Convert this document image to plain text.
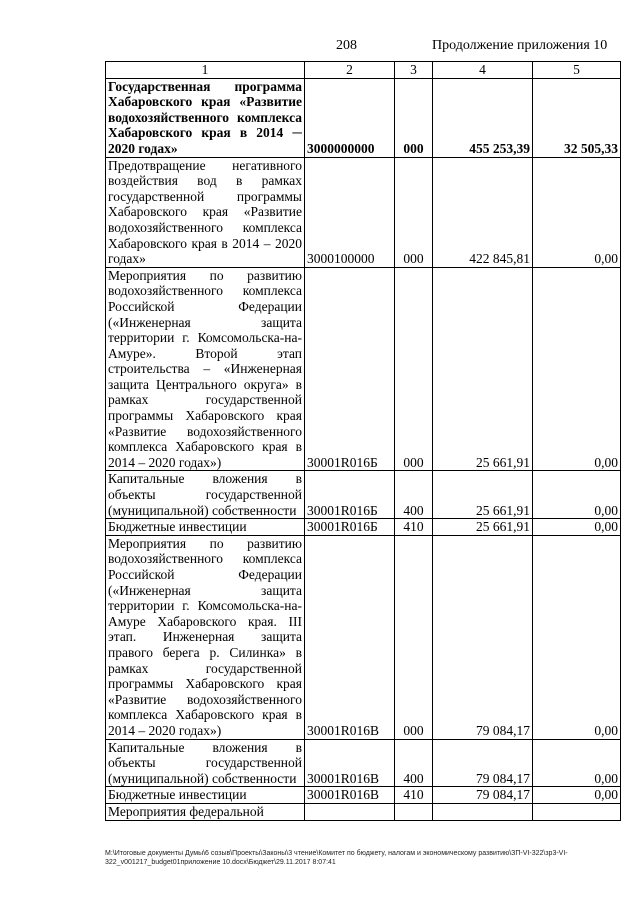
208	Продолжение приложения 10
1	2	3	4	5
Государственная программа Хабаровского края «Развитие водохозяйственного комплекса Хабаровского края в 2014 ─ 2020 годах»	3000000000	000	455 253,39	32 505,33
Предотвращение негативного воздействия вод в рамках государственной программы Хабаровского края «Развитие водохозяйственного комплекса Хабаровского края в 2014 – 2020 годах»	3000100000	000	422 845,81	0,00
Мероприятия по развитию водохозяйственного комплекса Российской Федерации («Инженерная защита территории г. Комсомольска-на-Амуре». Второй этап строительства – «Инженерная защита Центрального округа» в рамках государственной программы Хабаровского края «Развитие водохозяйственного комплекса Хабаровского края в 2014 – 2020 годах»)	30001R016Б	000	25 661,91	0,00
Капитальные вложения в объекты государственной (муниципальной) собственности	30001R016Б	400	25 661,91	0,00
Бюджетные инвестиции	30001R016Б	410	25 661,91	0,00
Мероприятия по развитию водохозяйственного комплекса Российской Федерации («Инженерная защита территории г. Комсомольска-на-Амуре Хабаровского края. III этап. Инженерная защита правого берега р. Силинка» в рамках государственной программы Хабаровского края «Развитие водохозяйственного комплекса Хабаровского края в 2014 – 2020 годах»)	30001R016В	000	79 084,17	0,00
Капитальные вложения в объекты государственной (муниципальной) собственности	30001R016В	400	79 084,17	0,00
Бюджетные инвестиции	30001R016В	410	79 084,17	0,00
Мероприятия федеральной				
M:\Итоговые документы Думы\6 созыв\Проекты\Законы\3 чтение\Комитет по бюджету, налогам и экономическому развитию\ЗП-VI-322\зр3-VI-322_v001217_budget01приложение 10.docx\Бюджет\29.11.2017 8:07:41
